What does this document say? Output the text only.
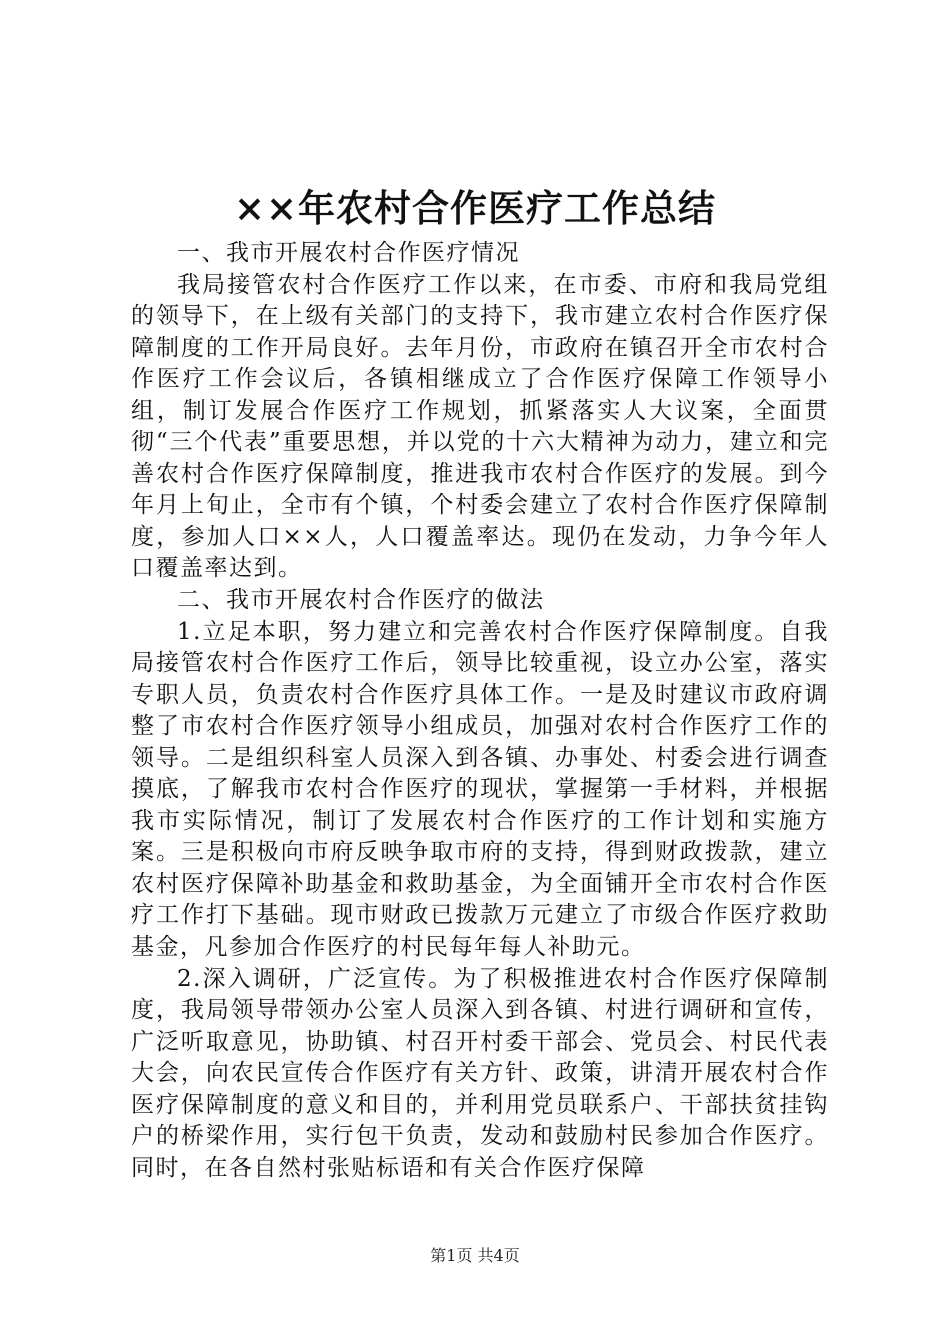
××年农村合作医疗工作总结

一、我市开展农村合作医疗情况

我局接管农村合作医疗工作以来，在市委、市府和我局党组的领导下，在上级有关部门的支持下，我市建立农村合作医疗保障制度的工作开局良好。去年月份，市政府在镇召开全市农村合作医疗工作会议后，各镇相继成立了合作医疗保障工作领导小组，制订发展合作医疗工作规划，抓紧落实人大议案，全面贯彻“三个代表”重要思想，并以党的十六大精神为动力，建立和完善农村合作医疗保障制度，推进我市农村合作医疗的发展。到今年月上旬止，全市有个镇，个村委会建立了农村合作医疗保障制度，参加人口××人，人口覆盖率达。现仍在发动，力争今年人口覆盖率达到。

二、我市开展农村合作医疗的做法

1.立足本职，努力建立和完善农村合作医疗保障制度。自我局接管农村合作医疗工作后，领导比较重视，设立办公室，落实专职人员，负责农村合作医疗具体工作。一是及时建议市政府调整了市农村合作医疗领导小组成员，加强对农村合作医疗工作的领导。二是组织科室人员深入到各镇、办事处、村委会进行调查摸底，了解我市农村合作医疗的现状，掌握第一手材料，并根据我市实际情况，制订了发展农村合作医疗的工作计划和实施方案。三是积极向市府反映争取市府的支持，得到财政拨款，建立农村医疗保障补助基金和救助基金，为全面铺开全市农村合作医疗工作打下基础。现市财政已拨款万元建立了市级合作医疗救助基金，凡参加合作医疗的村民每年每人补助元。

2.深入调研，广泛宣传。为了积极推进农村合作医疗保障制度，我局领导带领办公室人员深入到各镇、村进行调研和宣传，广泛听取意见，协助镇、村召开村委干部会、党员会、村民代表大会，向农民宣传合作医疗有关方针、政策，讲清开展农村合作医疗保障制度的意义和目的，并利用党员联系户、干部扶贫挂钩户的桥梁作用，实行包干负责，发动和鼓励村民参加合作医疗。同时，在各自然村张贴标语和有关合作医疗保障

第1页 共4页
